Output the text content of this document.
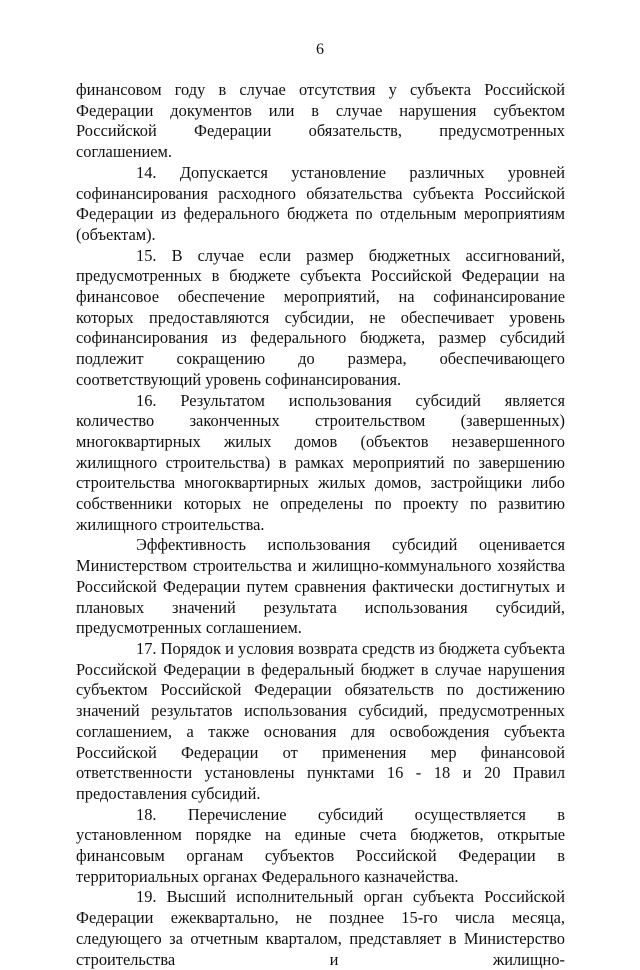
6

финансовом году в случае отсутствия у субъекта Российской Федерации документов или в случае нарушения субъектом Российской Федерации обязательств, предусмотренных соглашением.

14. Допускается установление различных уровней софинансирования расходного обязательства субъекта Российской Федерации из федерального бюджета по отдельным мероприятиям (объектам).

15. В случае если размер бюджетных ассигнований, предусмотренных в бюджете субъекта Российской Федерации на финансовое обеспечение мероприятий, на софинансирование которых предоставляются субсидии, не обеспечивает уровень софинансирования из федерального бюджета, размер субсидий подлежит сокращению до размера, обеспечивающего соответствующий уровень софинансирования.

16. Результатом использования субсидий является количество законченных строительством (завершенных) многоквартирных жилых домов (объектов незавершенного жилищного строительства) в рамках мероприятий по завершению строительства многоквартирных жилых домов, застройщики либо собственники которых не определены по проекту по развитию жилищного строительства.

Эффективность использования субсидий оценивается Министерством строительства и жилищно-коммунального хозяйства Российской Федерации путем сравнения фактически достигнутых и плановых значений результата использования субсидий, предусмотренных соглашением.

17. Порядок и условия возврата средств из бюджета субъекта Российской Федерации в федеральный бюджет в случае нарушения субъектом Российской Федерации обязательств по достижению значений результатов использования субсидий, предусмотренных соглашением, а также основания для освобождения субъекта Российской Федерации от применения мер финансовой ответственности установлены пунктами 16 - 18 и 20 Правил предоставления субсидий.

18. Перечисление субсидий осуществляется в установленном порядке на единые счета бюджетов, открытые финансовым органам субъектов Российской Федерации в территориальных органах Федерального казначейства.

19. Высший исполнительный орган субъекта Российской Федерации ежеквартально, не позднее 15-го числа месяца, следующего за отчетным кварталом, представляет в Министерство строительства и жилищно-
